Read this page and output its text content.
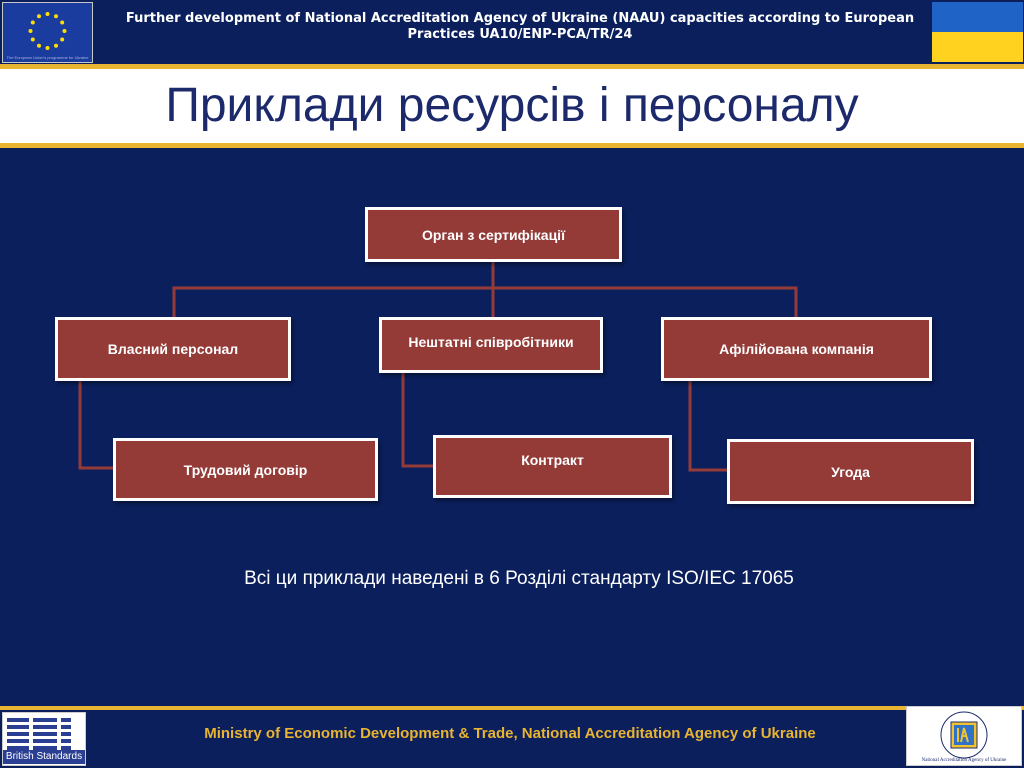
The European Union's programme for Ukraine
Further development of National Accreditation Agency of Ukraine (NAAU) capacities according to European Practices UA10/ENP-PCA/TR/24
Приклади ресурсів і персоналу
Орган з сертифікації
Власний персонал	Нештатні співробітники	Афілійована компанія
Трудовий договір
Контракт
Угода
Всі ци приклади наведені в 6 Розділі стандарту ISO/IEC 17065
British Standards
Ministry of Economic Development & Trade, National Accreditation Agency of Ukraine
National Accreditation Agency of Ukraine
